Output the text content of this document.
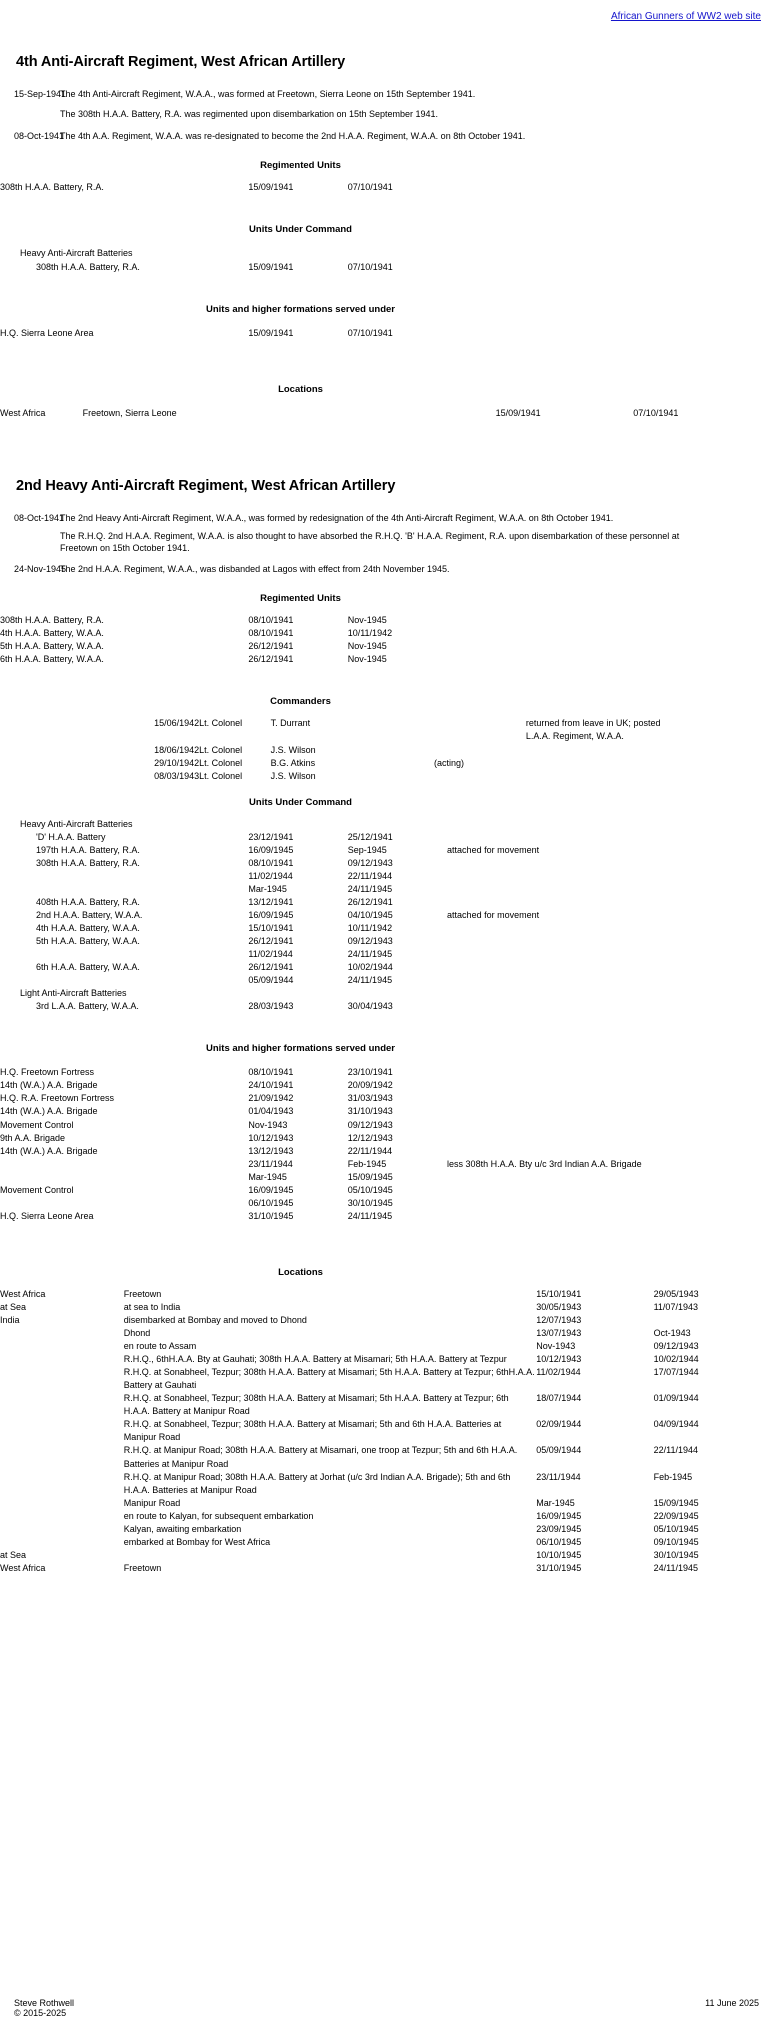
African Gunners of WW2 web site
4th Anti-Aircraft Regiment, West African Artillery
15-Sep-1941
The 4th Anti-Aircraft Regiment, W.A.A., was formed at Freetown, Sierra Leone on 15th September 1941.
The 308th H.A.A. Battery, R.A. was regimented upon disembarkation on 15th September 1941.
08-Oct-1941
The 4th A.A. Regiment, W.A.A. was re-designated to become the 2nd H.A.A. Regiment, W.A.A. on 8th October 1941.
Regimented Units
308th H.A.A. Battery, R.A.	15/09/1941	07/10/1941	
Units Under Command
Heavy Anti-Aircraft Batteries			
308th H.A.A. Battery, R.A.	15/09/1941	07/10/1941	
Units and higher formations served under
H.Q. Sierra Leone Area	15/09/1941	07/10/1941	
Locations
West Africa	Freetown, Sierra Leone	15/09/1941	07/10/1941
2nd Heavy Anti-Aircraft Regiment, West African Artillery
08-Oct-1941
The 2nd Heavy Anti-Aircraft Regiment, W.A.A., was formed by redesignation of the 4th Anti-Aircraft Regiment, W.A.A. on 8th October 1941.
The R.H.Q. 2nd H.A.A. Regiment, W.A.A. is also thought to have absorbed the R.H.Q. 'B' H.A.A. Regiment, R.A. upon disembarkation of these personnel at Freetown on 15th October 1941.
24-Nov-1945
The 2nd H.A.A. Regiment, W.A.A., was disbanded at Lagos with effect from 24th November 1945.
Regimented Units
308th H.A.A. Battery, R.A.	08/10/1941	Nov-1945	
4th H.A.A. Battery, W.A.A.	08/10/1941	10/11/1942	
5th H.A.A. Battery, W.A.A.	26/12/1941	Nov-1945	
6th H.A.A. Battery, W.A.A.	26/12/1941	Nov-1945	
Commanders
15/06/1942	Lt. Colonel	T. Durrant		returned from leave in UK; posted
				L.A.A. Regiment, W.A.A.
18/06/1942	Lt. Colonel	J.S. Wilson		
29/10/1942	Lt. Colonel	B.G. Atkins	(acting)	
08/03/1943	Lt. Colonel	J.S. Wilson		
Units Under Command
Heavy Anti-Aircraft Batteries			
'D' H.A.A. Battery	23/12/1941	25/12/1941	
197th H.A.A. Battery, R.A.	16/09/1945	Sep-1945	attached for movement
308th H.A.A. Battery, R.A.	08/10/1941	09/12/1943	
	11/02/1944	22/11/1944	
	Mar-1945	24/11/1945	
408th H.A.A. Battery, R.A.	13/12/1941	26/12/1941	
2nd H.A.A. Battery, W.A.A.	16/09/1945	04/10/1945	attached for movement
4th H.A.A. Battery, W.A.A.	15/10/1941	10/11/1942	
5th H.A.A. Battery, W.A.A.	26/12/1941	09/12/1943	
	11/02/1944	24/11/1945	
6th H.A.A. Battery, W.A.A.	26/12/1941	10/02/1944	
	05/09/1944	24/11/1945	
Light Anti-Aircraft Batteries			
3rd L.A.A. Battery, W.A.A.	28/03/1943	30/04/1943	
Units and higher formations served under
H.Q. Freetown Fortress	08/10/1941	23/10/1941	
14th (W.A.) A.A. Brigade	24/10/1941	20/09/1942	
H.Q. R.A. Freetown Fortress	21/09/1942	31/03/1943	
14th (W.A.) A.A. Brigade	01/04/1943	31/10/1943	
Movement Control	Nov-1943	09/12/1943	
9th A.A. Brigade	10/12/1943	12/12/1943	
14th (W.A.) A.A. Brigade	13/12/1943	22/11/1944	
	23/11/1944	Feb-1945	less 308th H.A.A. Bty u/c 3rd Indian A.A. Brigade
	Mar-1945	15/09/1945	
Movement Control	16/09/1945	05/10/1945	
	06/10/1945	30/10/1945	
H.Q. Sierra Leone Area	31/10/1945	24/11/1945	
Locations
West Africa	Freetown	15/10/1941	29/05/1943
at Sea	at sea to India	30/05/1943	11/07/1943
India	disembarked at Bombay and moved to Dhond	12/07/1943	
	Dhond	13/07/1943	Oct-1943
	en route to Assam	Nov-1943	09/12/1943
	R.H.Q., 6thH.A.A. Bty at Gauhati; 308th H.A.A. Battery at Misamari; 5th H.A.A. Battery at Tezpur	10/12/1943	10/02/1944
	R.H.Q. at Sonabheel, Tezpur; 308th H.A.A. Battery at Misamari; 5th H.A.A. Battery at Tezpur; 6thH.A.A. Battery at Gauhati	11/02/1944	17/07/1944
	R.H.Q. at Sonabheel, Tezpur; 308th H.A.A. Battery at Misamari; 5th H.A.A. Battery at Tezpur; 6th H.A.A. Battery at Manipur Road	18/07/1944	01/09/1944
	R.H.Q. at Sonabheel, Tezpur; 308th H.A.A. Battery at Misamari; 5th and 6th H.A.A. Batteries at Manipur Road	02/09/1944	04/09/1944
	R.H.Q. at Manipur Road; 308th H.A.A. Battery at Misamari, one troop at Tezpur; 5th and 6th H.A.A. Batteries at Manipur Road	05/09/1944	22/11/1944
	R.H.Q. at Manipur Road; 308th H.A.A. Battery at Jorhat (u/c 3rd Indian A.A. Brigade); 5th and 6th H.A.A. Batteries at Manipur Road	23/11/1944	Feb-1945
	Manipur Road	Mar-1945	15/09/1945
	en route to Kalyan, for subsequent embarkation	16/09/1945	22/09/1945
	Kalyan, awaiting embarkation	23/09/1945	05/10/1945
	embarked at Bombay for West Africa	06/10/1945	09/10/1945
at Sea		10/10/1945	30/10/1945
West Africa	Freetown	31/10/1945	24/11/1945
Steve Rothwell	11 June 2025
© 2015-2025
